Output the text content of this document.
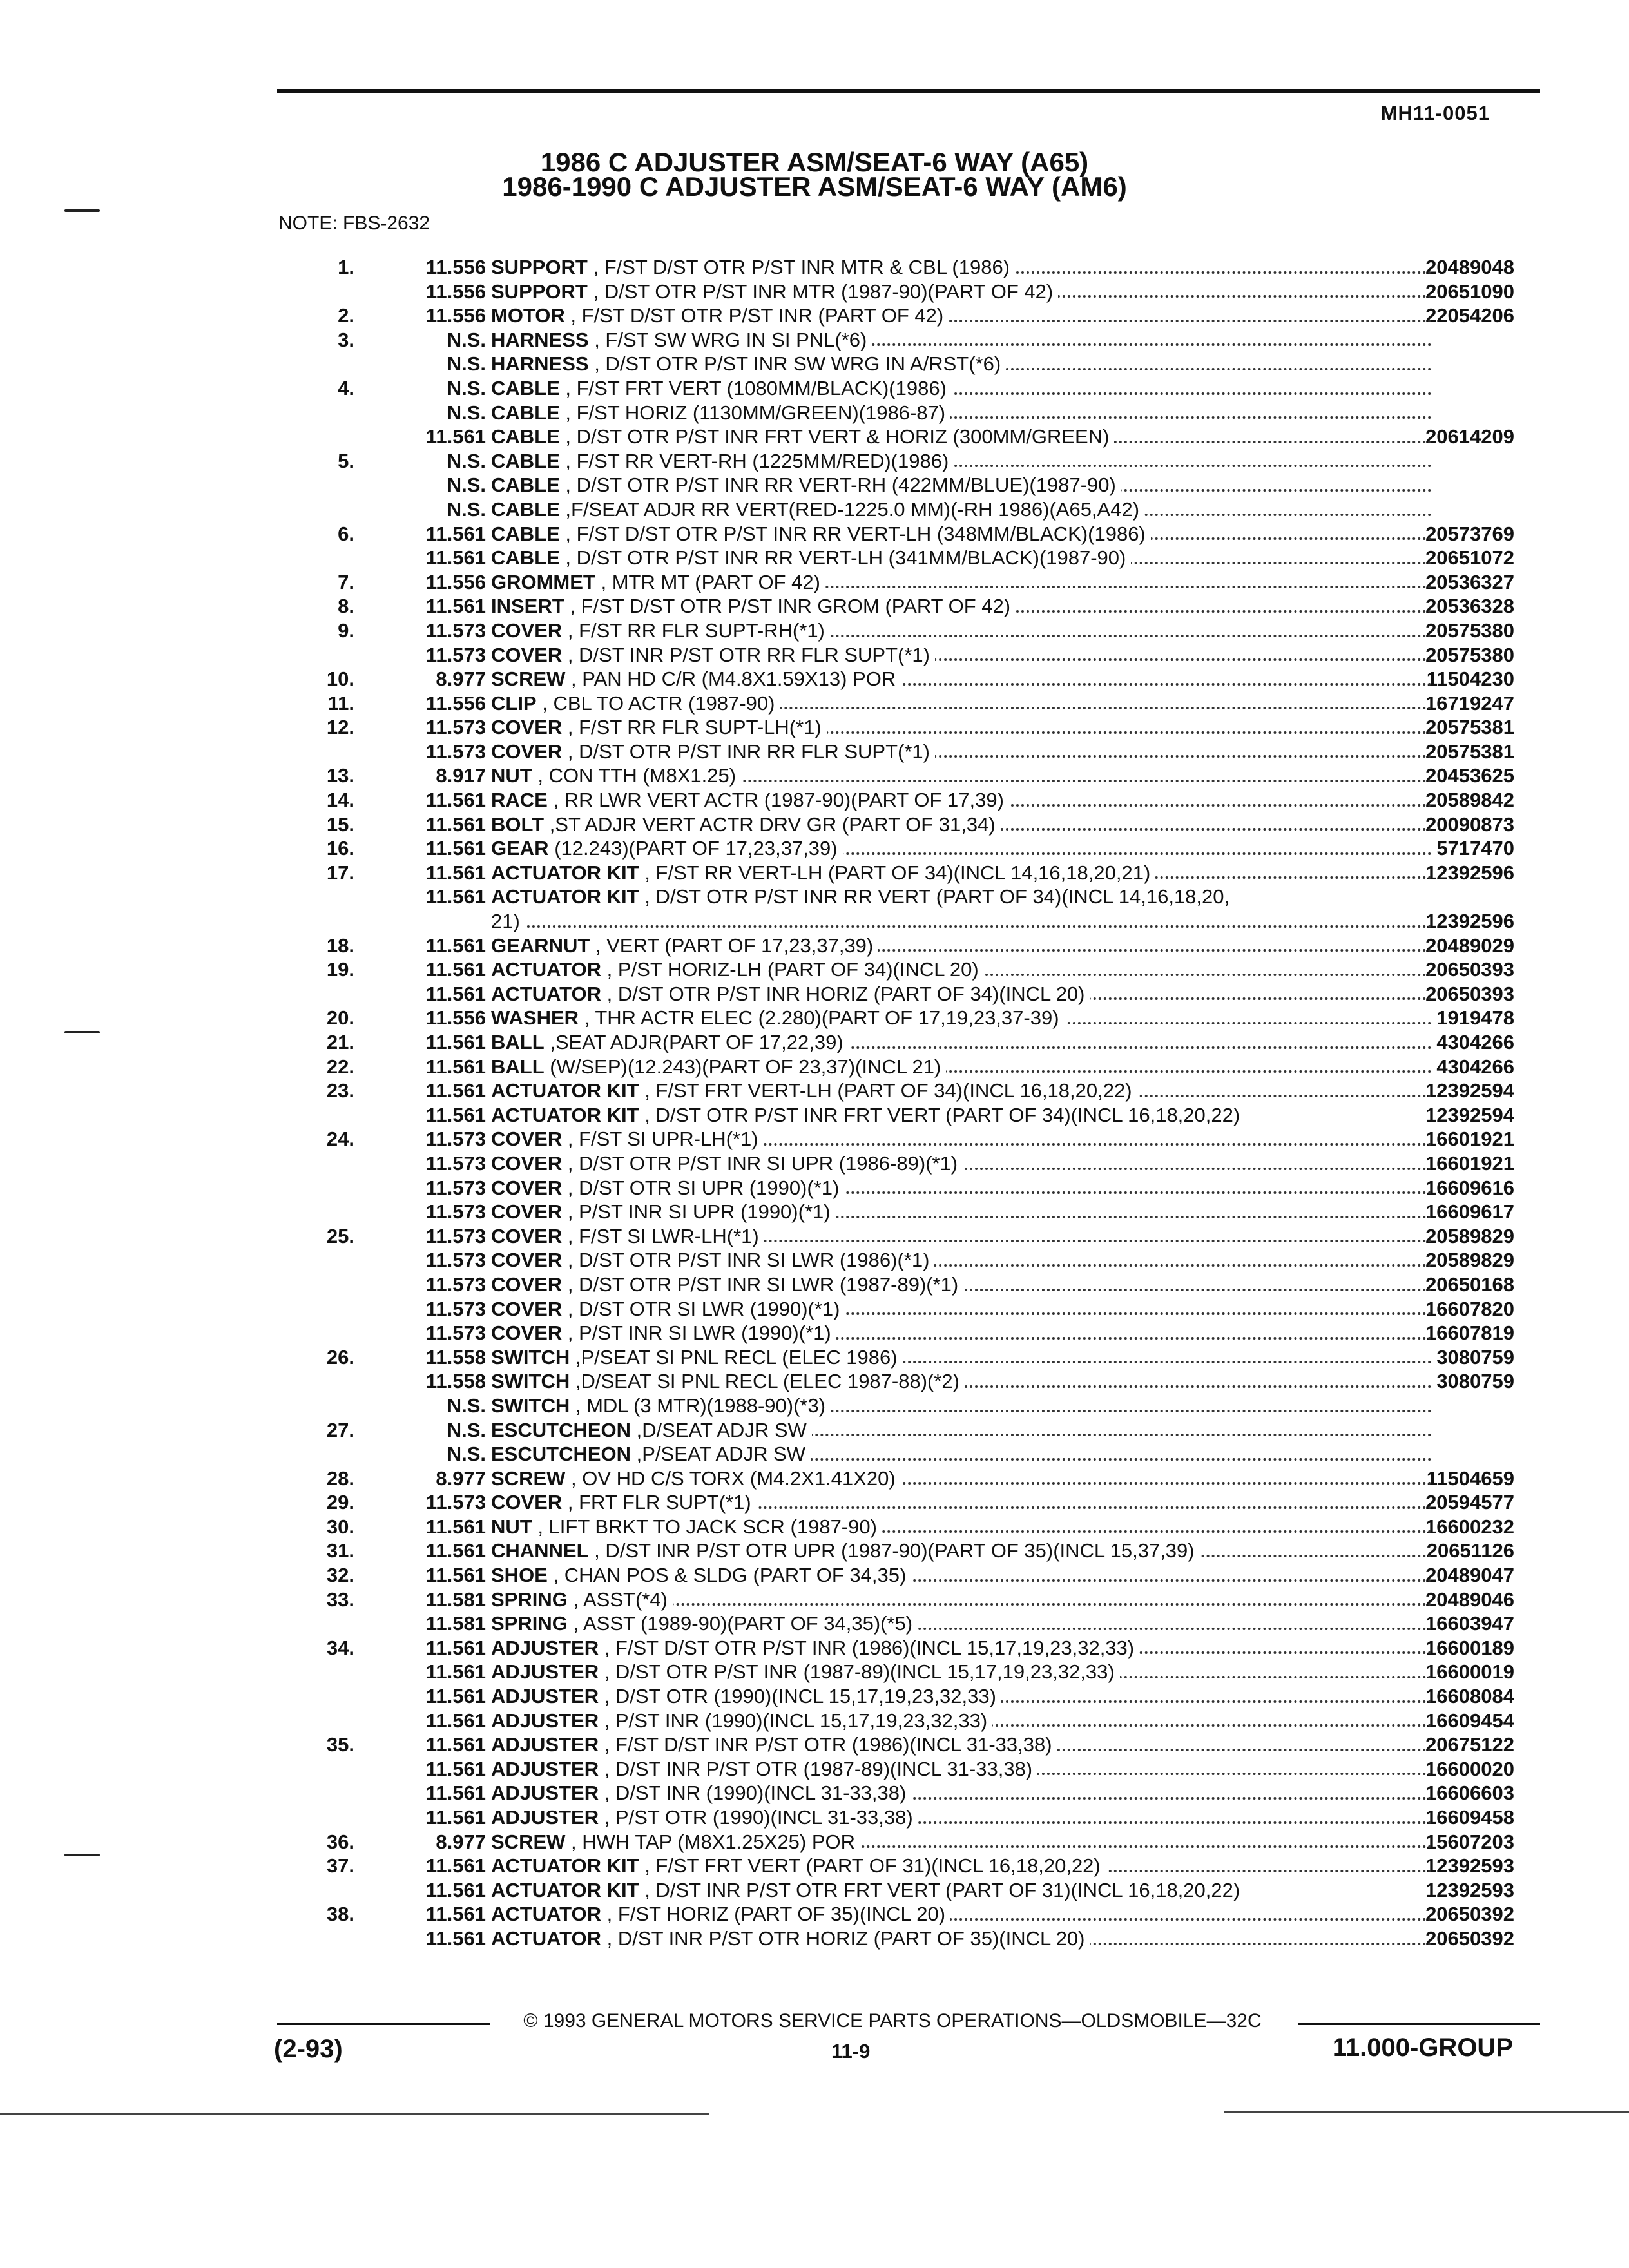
MH11-0051
1986 C ADJUSTER ASM/SEAT-6 WAY (A65)
1986-1990 C ADJUSTER ASM/SEAT-6 WAY (AM6)
NOTE: FBS-2632
1.	11.556 SUPPORT , F/ST D/ST OTR P/ST INR MTR & CBL (1986)	20489048
11.556 SUPPORT , D/ST OTR P/ST INR MTR (1987-90)(PART OF 42)	20651090
2.	11.556 MOTOR , F/ST D/ST OTR P/ST INR (PART OF 42)	22054206
3.	N.S. HARNESS , F/ST SW WRG IN SI PNL(*6)
N.S. HARNESS , D/ST OTR P/ST INR SW WRG IN A/RST(*6)
4.	N.S. CABLE , F/ST FRT VERT (1080MM/BLACK)(1986)
N.S. CABLE , F/ST HORIZ (1130MM/GREEN)(1986-87)
11.561 CABLE , D/ST OTR P/ST INR FRT VERT & HORIZ (300MM/GREEN)	20614209
5.	N.S. CABLE , F/ST RR VERT-RH (1225MM/RED)(1986)
N.S. CABLE , D/ST OTR P/ST INR RR VERT-RH (422MM/BLUE)(1987-90)
N.S. CABLE ,F/SEAT ADJR RR VERT(RED-1225.0 MM)(-RH 1986)(A65,A42)
6.	11.561 CABLE , F/ST D/ST OTR P/ST INR RR VERT-LH (348MM/BLACK)(1986)	20573769
11.561 CABLE , D/ST OTR P/ST INR RR VERT-LH (341MM/BLACK)(1987-90)	20651072
7.	11.556 GROMMET , MTR MT (PART OF 42)	20536327
8.	11.561 INSERT , F/ST D/ST OTR P/ST INR GROM (PART OF 42)	20536328
9.	11.573 COVER , F/ST RR FLR SUPT-RH(*1)	20575380
11.573 COVER , D/ST INR P/ST OTR RR FLR SUPT(*1)	20575380
10.	8.977 SCREW , PAN HD C/R (M4.8X1.59X13) POR	11504230
11.	11.556 CLIP , CBL TO ACTR (1987-90)	16719247
12.	11.573 COVER , F/ST RR FLR SUPT-LH(*1)	20575381
11.573 COVER , D/ST OTR P/ST INR RR FLR SUPT(*1)	20575381
13.	8.917 NUT , CON TTH (M8X1.25)	20453625
14.	11.561 RACE , RR LWR VERT ACTR (1987-90)(PART OF 17,39)	20589842
15.	11.561 BOLT ,ST ADJR VERT ACTR DRV GR (PART OF 31,34)	20090873
16.	11.561 GEAR (12.243)(PART OF 17,23,37,39)	5717470
17.	11.561 ACTUATOR KIT , F/ST RR VERT-LH (PART OF 34)(INCL 14,16,18,20,21)	12392596
11.561 ACTUATOR KIT , D/ST OTR P/ST INR RR VERT (PART OF 34)(INCL 14,16,18,20,
21)	12392596
18.	11.561 GEARNUT , VERT (PART OF 17,23,37,39)	20489029
19.	11.561 ACTUATOR , P/ST HORIZ-LH (PART OF 34)(INCL 20)	20650393
11.561 ACTUATOR , D/ST OTR P/ST INR HORIZ (PART OF 34)(INCL 20)	20650393
20.	11.556 WASHER , THR ACTR ELEC (2.280)(PART OF 17,19,23,37-39)	1919478
21.	11.561 BALL ,SEAT ADJR(PART OF 17,22,39)	4304266
22.	11.561 BALL (W/SEP)(12.243)(PART OF 23,37)(INCL 21)	4304266
23.	11.561 ACTUATOR KIT , F/ST FRT VERT-LH (PART OF 34)(INCL 16,18,20,22)	12392594
11.561 ACTUATOR KIT , D/ST OTR P/ST INR FRT VERT (PART OF 34)(INCL 16,18,20,22)	12392594
24.	11.573 COVER , F/ST SI UPR-LH(*1)	16601921
11.573 COVER , D/ST OTR P/ST INR SI UPR (1986-89)(*1)	16601921
11.573 COVER , D/ST OTR SI UPR (1990)(*1)	16609616
11.573 COVER , P/ST INR SI UPR (1990)(*1)	16609617
25.	11.573 COVER , F/ST SI LWR-LH(*1)	20589829
11.573 COVER , D/ST OTR P/ST INR SI LWR (1986)(*1)	20589829
11.573 COVER , D/ST OTR P/ST INR SI LWR (1987-89)(*1)	20650168
11.573 COVER , D/ST OTR SI LWR (1990)(*1)	16607820
11.573 COVER , P/ST INR SI LWR (1990)(*1)	16607819
26.	11.558 SWITCH ,P/SEAT SI PNL RECL (ELEC 1986)	3080759
11.558 SWITCH ,D/SEAT SI PNL RECL (ELEC 1987-88)(*2)	3080759
N.S. SWITCH , MDL (3 MTR)(1988-90)(*3)
27.	N.S. ESCUTCHEON ,D/SEAT ADJR SW
N.S. ESCUTCHEON ,P/SEAT ADJR SW
28.	8.977 SCREW , OV HD C/S TORX (M4.2X1.41X20)	11504659
29.	11.573 COVER , FRT FLR SUPT(*1)	20594577
30.	11.561 NUT , LIFT BRKT TO JACK SCR (1987-90)	16600232
31.	11.561 CHANNEL , D/ST INR P/ST OTR UPR (1987-90)(PART OF 35)(INCL 15,37,39)	20651126
32.	11.561 SHOE , CHAN POS & SLDG (PART OF 34,35)	20489047
33.	11.581 SPRING , ASST(*4)	20489046
11.581 SPRING , ASST (1989-90)(PART OF 34,35)(*5)	16603947
34.	11.561 ADJUSTER , F/ST D/ST OTR P/ST INR (1986)(INCL 15,17,19,23,32,33)	16600189
11.561 ADJUSTER , D/ST OTR P/ST INR (1987-89)(INCL 15,17,19,23,32,33)	16600019
11.561 ADJUSTER , D/ST OTR (1990)(INCL 15,17,19,23,32,33)	16608084
11.561 ADJUSTER , P/ST INR (1990)(INCL 15,17,19,23,32,33)	16609454
35.	11.561 ADJUSTER , F/ST D/ST INR P/ST OTR (1986)(INCL 31-33,38)	20675122
11.561 ADJUSTER , D/ST INR P/ST OTR (1987-89)(INCL 31-33,38)	16600020
11.561 ADJUSTER , D/ST INR (1990)(INCL 31-33,38)	16606603
11.561 ADJUSTER , P/ST OTR (1990)(INCL 31-33,38)	16609458
36.	8.977 SCREW , HWH TAP (M8X1.25X25) POR	15607203
37.	11.561 ACTUATOR KIT , F/ST FRT VERT (PART OF 31)(INCL 16,18,20,22)	12392593
11.561 ACTUATOR KIT , D/ST INR P/ST OTR FRT VERT (PART OF 31)(INCL 16,18,20,22)	12392593
38.	11.561 ACTUATOR , F/ST HORIZ (PART OF 35)(INCL 20)	20650392
11.561 ACTUATOR , D/ST INR P/ST OTR HORIZ (PART OF 35)(INCL 20)	20650392
© 1993 GENERAL MOTORS SERVICE PARTS OPERATIONS—OLDSMOBILE—32C
(2-93)	11-9	11.000-GROUP
